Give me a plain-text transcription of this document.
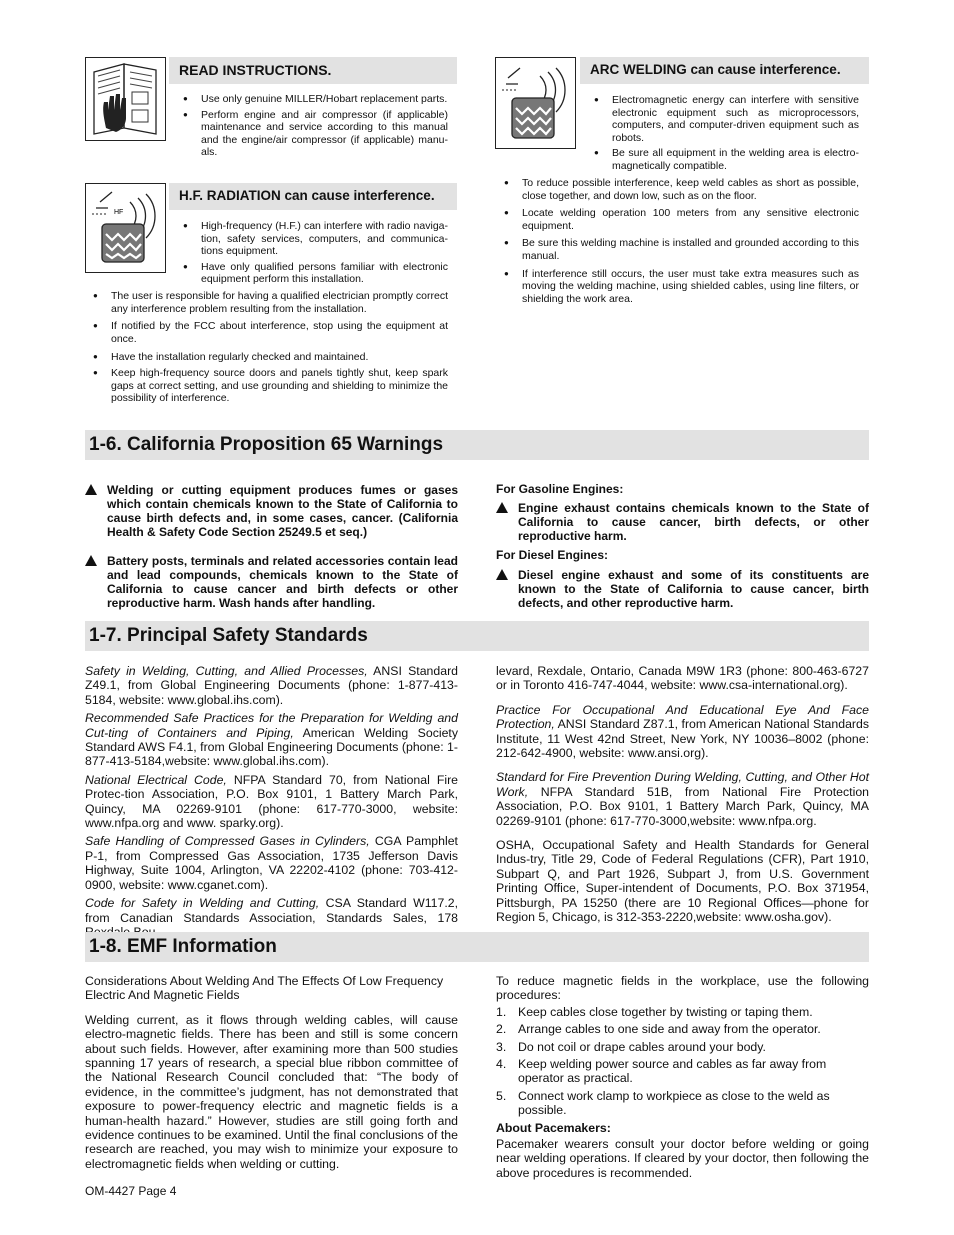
READ INSTRUCTIONS.
● Use only genuine MILLER/Hobart replacement parts.
● Perform engine and air compressor (if applicable) maintenance and service according to this manual and the engine/air compressor (if applicable) manu-als.
HF
H.F. RADIATION can cause interference.
● High-frequency (H.F.) can interfere with radio naviga-tion, safety services, computers, and communica-tions equipment.
● Have only qualified persons familiar with electronic equipment perform this installation.
● The user is responsible for having a qualified electrician promptly correct any interference problem resulting from the installation.
● If notified by the FCC about interference, stop using the equipment at once.
● Have the installation regularly checked and maintained.
● Keep high-frequency source doors and panels tightly shut, keep spark gaps at correct setting, and use grounding and shielding to minimize the possibility of interference.
ARC WELDING can cause interference.
● Electromagnetic energy can interfere with sensitive electronic equipment such as microprocessors, computers, and computer-driven equipment such as robots.
● Be sure all equipment in the welding area is electro-magnetically compatible.
● To reduce possible interference, keep weld cables as short as possible, close together, and down low, such as on the floor.
● Locate welding operation 100 meters from any sensitive electronic equipment.
● Be sure this welding machine is installed and grounded according to this manual.
● If interference still occurs, the user must take extra measures such as moving the welding machine, using shielded cables, using line filters, or shielding the work area.
1-6. California Proposition 65 Warnings
Welding or cutting equipment produces fumes or gases which contain chemicals known to the State of California to cause birth defects and, in some cases, cancer. (California Health & Safety Code Section 25249.5 et seq.)
Battery posts, terminals and related accessories contain lead and lead compounds, chemicals known to the State of California to cause cancer and birth defects or other reproductive harm. Wash hands after handling.
For Gasoline Engines:
Engine exhaust contains chemicals known to the State of California to cause cancer, birth defects, or other reproductive harm.
For Diesel Engines:
Diesel engine exhaust and some of its constituents are known to the State of California to cause cancer, birth defects, and other reproductive harm.
1-7. Principal Safety Standards

Safety in Welding, Cutting, and Allied Processes, ANSI Standard Z49.1, from Global Engineering Documents (phone: 1-877-413-5184, website: www.global.ihs.com).

Recommended Safe Practices for the Preparation for Welding and Cut-ting of Containers and Piping, American Welding Society Standard AWS F4.1, from Global Engineering Documents (phone: 1-877-413-5184,website: www.global.ihs.com).

National Electrical Code, NFPA Standard 70, from National Fire Protec-tion Association, P.O. Box 9101, 1 Battery March Park, Quincy, MA 02269-9101 (phone: 617-770-3000, website: www.nfpa.org and www. sparky.org).

Safe Handling of Compressed Gases in Cylinders, CGA Pamphlet P-1, from Compressed Gas Association, 1735 Jefferson Davis Highway, Suite 1004, Arlington, VA 22202-4102 (phone: 703-412-0900, website: www.cganet.com).

Code for Safety in Welding and Cutting, CSA Standard W117.2, from Canadian Standards Association, Standards Sales, 178

levard, Rexdale, Ontario, Canada M9W 1R3 (phone: 800-463-6727 or in Toronto 416-747-4044, website: www.csa-international.org).

Practice For Occupational And Educational Eye And Face Protection, ANSI Standard Z87.1, from American National Standards Institute, 11 West 42nd Street, New York, NY 10036–8002 (phone: 212-642-4900, website: www.ansi.org).

Standard for Fire Prevention During Welding, Cutting, and Other Hot Work, NFPA Standard 51B, from National Fire Protection Association, P.O. Box 9101, 1 Battery March Park, Quincy, MA 02269-9101 (phone: 617-770-3000,website: www.nfpa.org.

OSHA, Occupational Safety and Health Standards for General Indus-try, Title 29, Code of Federal Regulations (CFR), Part 1910, Subpart Q, and Part 1926, Subpart J, from U.S. Government Printing Office, Super-intendent of Documents, P.O. Box 371954, Pittsburgh, PA 15250 (there are 10 Regional Offices—phone for Region 5, Chicago, is 312-353-2220,website: www.osha.gov).

1-8. EMF Information

Considerations About Welding And The Effects Of Low Frequency Electric And Magnetic Fields

Welding current, as it flows through welding cables, will cause electro-magnetic fields. There has been and still is some concern about such fields. However, after examining more than 500 studies spanning 17 years of research, a special blue ribbon committee of the National Research Council concluded that: “The body of evidence, in the committee’s judgment, has not demonstrated that exposure to power-frequency electric and magnetic fields is a human-health hazard.” However, studies are still going forth and evidence continues to be examined. Until the final conclusions of the research are reached, you may wish to minimize your exposure to electromagnetic fields when welding or cutting.

To reduce magnetic fields in the workplace, use the following procedures:

1. Keep cables close together by twisting or taping them.
2. Arrange cables to one side and away from the operator.
3. Do not coil or drape cables around your body.
4. Keep welding power source and cables as far away from operator as practical.
5. Connect work clamp to workpiece as close to the weld as possible.

About Pacemakers:

Pacemaker wearers consult your doctor before welding or going near welding operations. If cleared by your doctor, then following the above procedures is recommended.

OM-4427 Page 4
